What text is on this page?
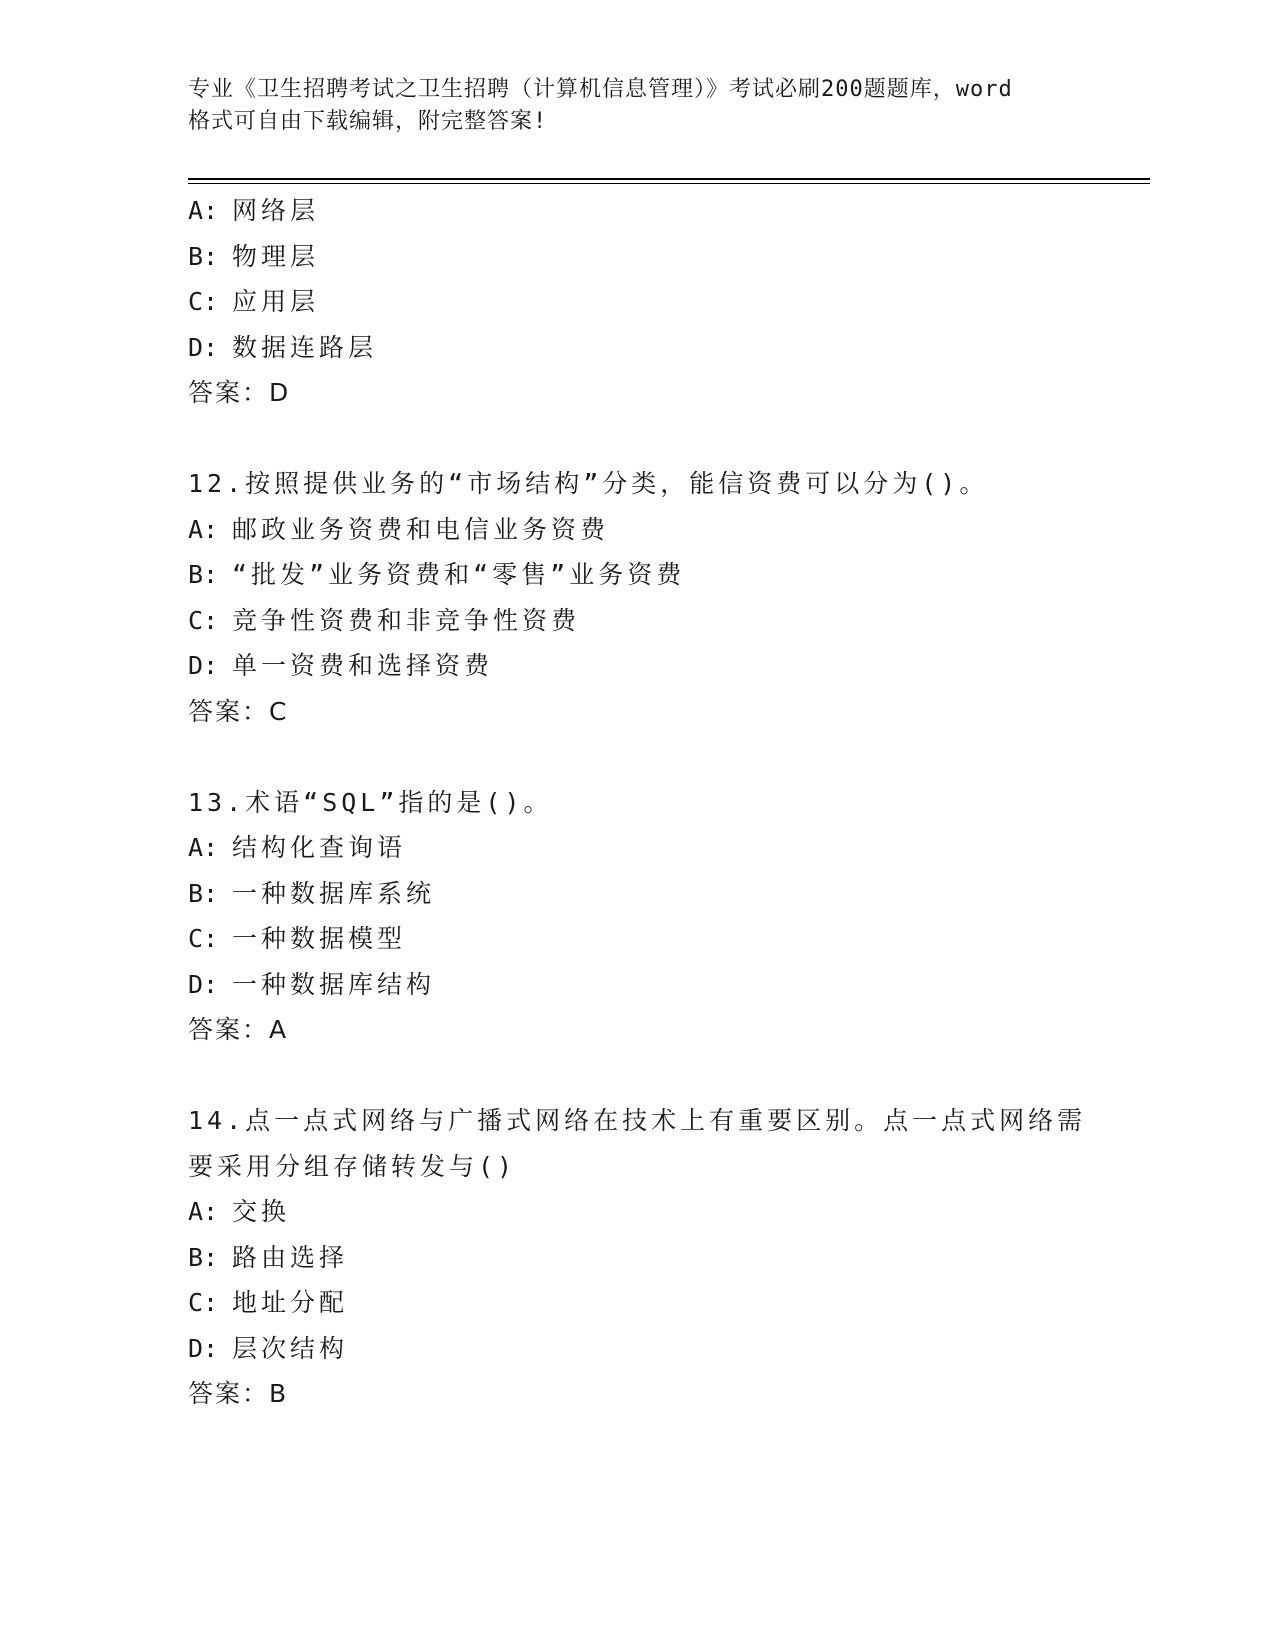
专业《卫生招聘考试之卫生招聘（计算机信息管理）》考试必刷200题题库，word
格式可自由下载编辑，附完整答案!
A: 网络层
B: 物理层
C: 应用层
D: 数据连路层
答案：D
12.按照提供业务的“市场结构”分类，能信资费可以分为()。
A: 邮政业务资费和电信业务资费
B: “批发”业务资费和“零售”业务资费
C: 竞争性资费和非竞争性资费
D: 单一资费和选择资费
答案：C
13.术语“SQL”指的是()。
A: 结构化查询语
B: 一种数据库系统
C: 一种数据模型
D: 一种数据库结构
答案：A
14.点一点式网络与广播式网络在技术上有重要区别。点一点式网络需
要采用分组存储转发与()
A: 交换
B: 路由选择
C: 地址分配
D: 层次结构
答案：B
